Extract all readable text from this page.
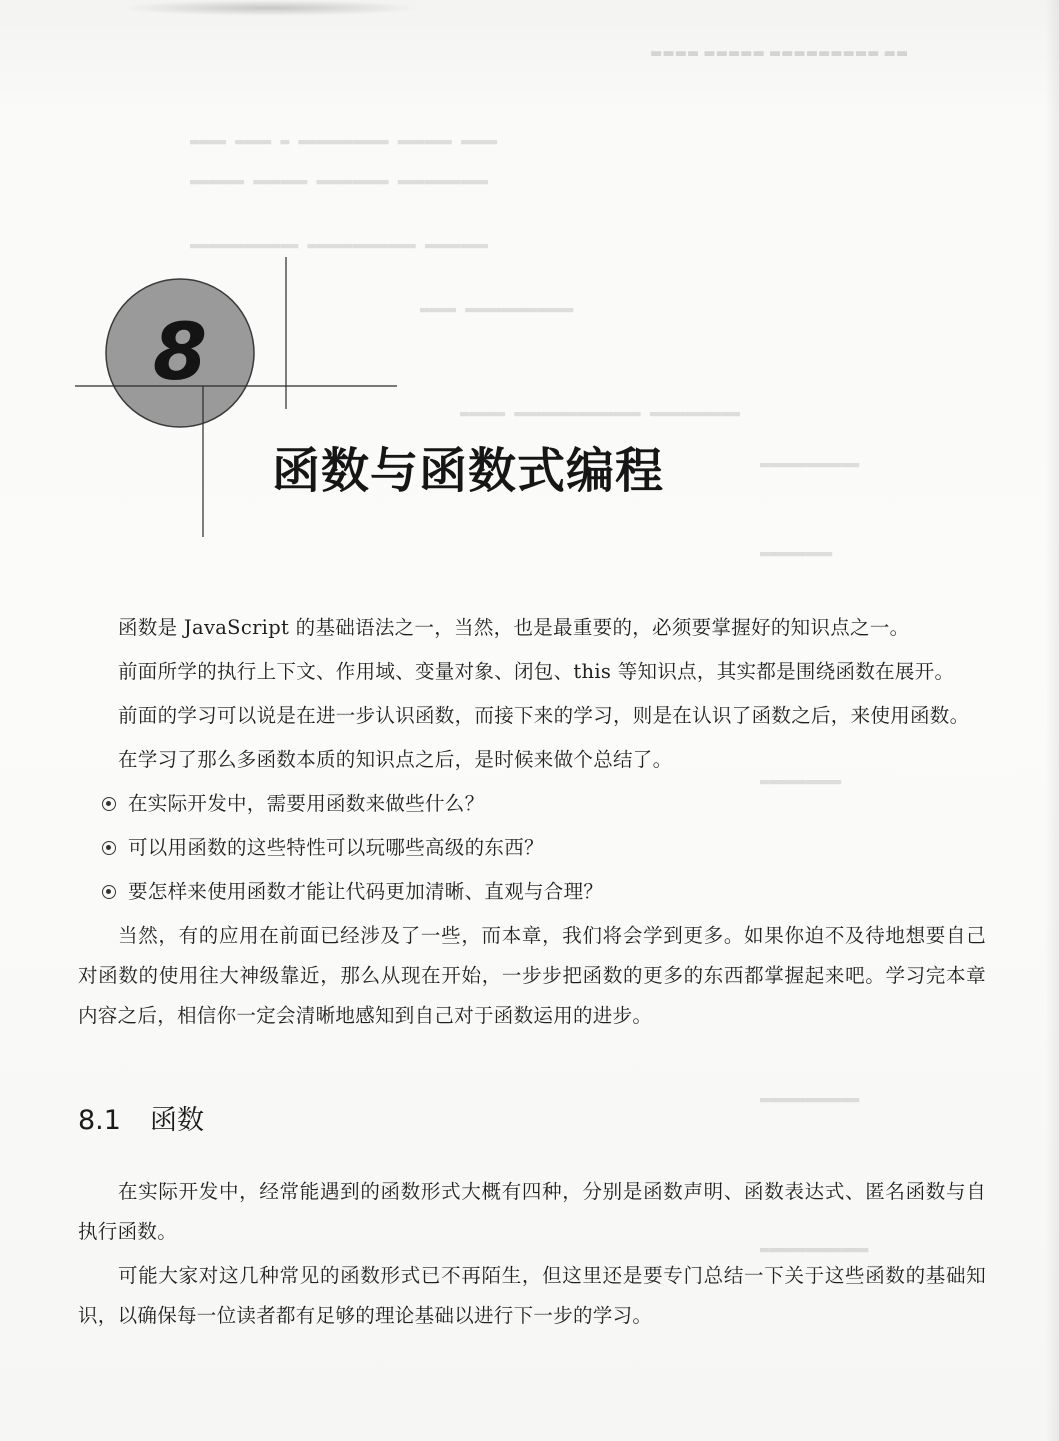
▬▬ ▬▬▬▬▬▬▬▬▬ ▬▬▬▬▬ ▬▬▬▬
▬▬▬▬ ▬▬▬▬▬▬ ▬▬▬▬▬▬▬▬▬▬ ▬ ▬▬▬▬ ▬▬▬▬
▬▬▬▬▬▬▬▬▬▬ ▬▬▬▬▬▬▬▬ ▬▬▬▬▬▬ ▬▬▬▬▬▬
▬▬▬▬▬▬▬ ▬▬▬▬▬▬▬▬▬▬▬▬ ▬▬▬▬▬▬▬▬▬▬▬▬
▬▬▬▬▬▬▬▬▬▬▬▬ ▬▬▬▬
▬▬▬▬▬▬▬▬▬▬ ▬▬▬▬▬▬▬▬▬▬▬▬▬▬ ▬▬▬▬▬
▬▬▬▬▬▬▬▬▬▬▬
▬▬▬▬▬▬▬▬
▬▬▬▬▬▬▬▬▬
▬▬▬▬▬▬▬▬▬▬▬
▬▬▬▬▬▬▬▬▬▬▬▬
8
函数与函数式编程

函数是 JavaScript 的基础语法之一，当然，也是最重要的，必须要掌握好的知识点之一。

前面所学的执行上下文、作用域、变量对象、闭包、this 等知识点，其实都是围绕函数在展开。

前面的学习可以说是在进一步认识函数，而接下来的学习，则是在认识了函数之后，来使用函数。

在学习了那么多函数本质的知识点之后，是时候来做个总结了。

在实际开发中，需要用函数来做些什么？
可以用函数的这些特性可以玩哪些高级的东西？
要怎样来使用函数才能让代码更加清晰、直观与合理？

当然，有的应用在前面已经涉及了一些，而本章，我们将会学到更多。如果你迫不及待地想要自己对函数的使用往大神级靠近，那么从现在开始，一步步把函数的更多的东西都掌握起来吧。学习完本章内容之后，相信你一定会清晰地感知到自己对于函数运用的进步。

8.1 函数

在实际开发中，经常能遇到的函数形式大概有四种，分别是函数声明、函数表达式、匿名函数与自执行函数。

可能大家对这几种常见的函数形式已不再陌生，但这里还是要专门总结一下关于这些函数的基础知识，以确保每一位读者都有足够的理论基础以进行下一步的学习。
